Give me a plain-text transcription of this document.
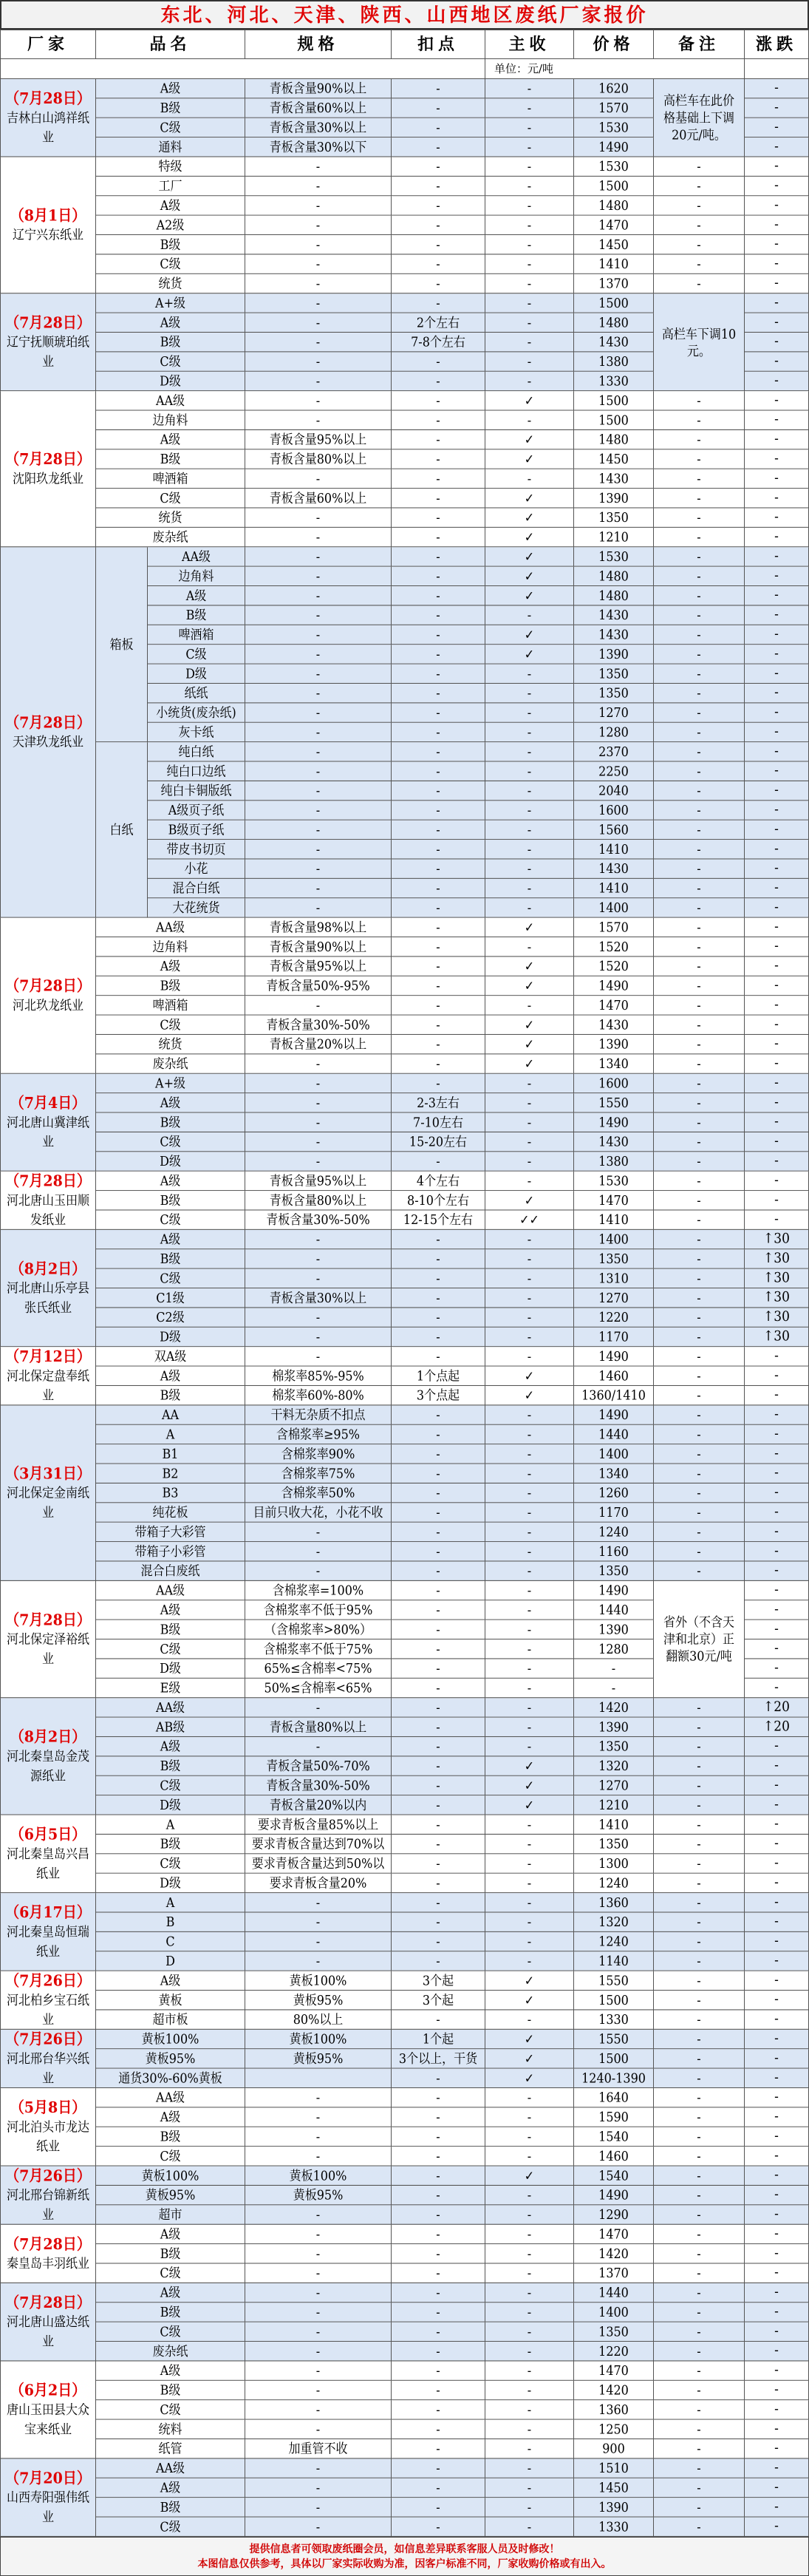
东北、河北、天津、陕西、山西地区废纸厂家报价
厂家	品名	规格	扣点	主收	价格	备注	涨跌
单位：元/吨
（7月28日）
吉林白山鸿祥纸业
A级	青板含量90%以上	-	-	1620	-
B级	青板含量60%以上	-	-	1570	-
C级	青板含量30%以上	-	-	1530	-
通料	青板含量30%以下	-	-	1490	-
高栏车在此价格基础上下调20元/吨。
（8月1日）
辽宁兴东纸业
特级	-	-	-	1530	-	-
工厂	-	-	-	1500	-	-
A级	-	-	-	1480	-	-
A2级	-	-	-	1470	-	-
B级	-	-	-	1450	-	-
C级	-	-	-	1410	-	-
统货	-	-	-	1370	-	-
（7月28日）
辽宁抚顺琥珀纸业
A+级	-	-	-	1500	-
A级	-	2个左右	-	1480	-
B级	-	7-8个左右	-	1430	-
C级	-	-	-	1380	-
D级	-	-	-	1330	-
高栏车下调10元。
（7月28日）
沈阳玖龙纸业
AA级	-	-	✓	1500	-	-
边角料	-	-	-	1500	-	-
A级	青板含量95%以上	-	✓	1480	-	-
B级	青板含量80%以上	-	✓	1450	-	-
啤酒箱	-	-	-	1430	-	-
C级	青板含量60%以上	-	✓	1390	-	-
统货	-	-	✓	1350	-	-
废杂纸	-	-	✓	1210	-	-
（7月28日）
天津玖龙纸业
箱板
AA级	-	-	✓	1530	-	-
边角料	-	-	✓	1480	-	-
A级	-	-	✓	1480	-	-
B级	-	-	-	1430	-	-
啤酒箱	-	-	✓	1430	-	-
C级	-	-	✓	1390	-	-
D级	-	-	-	1350	-	-
纸纸	-	-	-	1350	-	-
小统货(废杂纸)	-	-	-	1270	-	-
灰卡纸	-	-	-	1280	-	-
白纸
纯白纸	-	-	-	2370	-	-
纯白口边纸	-	-	-	2250	-	-
纯白卡铜版纸	-	-	-	2040	-	-
A级页子纸	-	-	-	1600	-	-
B级页子纸	-	-	-	1560	-	-
带皮书切页	-	-	-	1410	-	-
小花	-	-	-	1430	-	-
混合白纸	-	-	-	1410	-	-
大花统货	-	-	-	1400	-	-
（7月28日）
河北玖龙纸业
AA级	青板含量98%以上	-	✓	1570	-	-
边角料	青板含量90%以上	-	-	1520	-	-
A级	青板含量95%以上	-	✓	1520	-	-
B级	青板含量50%-95%	-	✓	1490	-	-
啤酒箱	-	-	-	1470	-	-
C级	青板含量30%-50%	-	✓	1430	-	-
统货	青板含量20%以上	-	✓	1390	-	-
废杂纸	-	-	✓	1340	-	-
（7月4日）
河北唐山冀津纸业
A+级	-	-	-	1600	-	-
A级	-	2-3左右	-	1550	-	-
B级	-	7-10左右	-	1490	-	-
C级	-	15-20左右	-	1430	-	-
D级	-	-	-	1380	-	-
（7月28日）
河北唐山玉田顺发纸业
A级	青板含量95%以上	4个左右	-	1530	-	-
B级	青板含量80%以上	8-10个左右	✓	1470	-	-
C级	青板含量30%-50%	12-15个左右	✓✓	1410	-	-
（8月2日）
河北唐山乐亭县张氏纸业
A级	-	-	-	1400	-	↑30
B级	-	-	-	1350	-	↑30
C级	-	-	-	1310	-	↑30
C1级	青板含量30%以上	-	-	1270	-	↑30
C2级	-	-	-	1220	-	↑30
D级	-	-	-	1170	-	↑30
（7月12日）
河北保定盘奉纸业
双A级	-	-	-	1490	-	-
A级	棉浆率85%-95%	1个点起	✓	1460	-	-
B级	棉浆率60%-80%	3个点起	✓	1360/1410	-	-
（3月31日）
河北保定金南纸业
AA	干料无杂质不扣点	-	-	1490	-	-
A	含棉浆率≥95%	-	-	1440	-	-
B1	含棉浆率90%	-	-	1400	-	-
B2	含棉浆率75%	-	-	1340	-	-
B3	含棉浆率50%	-	-	1260	-	-
纯花板	目前只收大花，小花不收	-	-	1170	-	-
带箱子大彩管	-	-	-	1240	-	-
带箱子小彩管	-	-	-	1160	-	-
混合白废纸	-	-	-	1350	-	-
（7月28日）
河北保定泽裕纸业
AA级	含棉浆率=100%	-	-	1490	-
A级	含棉浆率不低于95%	-	-	1440	-
B级	（含棉浆率>80%）	-	-	1390	-
C级	含棉浆率不低于75%	-	-	1280	-
D级	65%≤含棉率<75%	-	-	-	-
E级	50%≤含棉率<65%	-	-	-	-
省外（不含天津和北京）正翻额30元/吨
（8月2日）
河北秦皇岛金茂源纸业
AA级	-	-	-	1420	-	↑20
AB级	青板含量80%以上	-	-	1390	-	↑20
A级	-	-	-	1350	-	-
B级	青板含量50%-70%	-	✓	1320	-	-
C级	青板含量30%-50%	-	✓	1270	-	-
D级	青板含量20%以内	-	✓	1210	-	-
（6月5日）
河北秦皇岛兴昌纸业
A	要求青板含量85%以上	-	-	1410	-	-
B级	要求青板含量达到70%以	-	-	1350	-	-
C级	要求青板含量达到50%以	-	-	1300	-	-
D级	要求青板含量20%	-	-	1240	-	-
（6月17日）
河北秦皇岛恒瑞纸业
A	-	-	-	1360	-	-
B	-	-	-	1320	-	-
C	-	-	-	1240	-	-
D	-	-	-	1140	-	-
（7月26日）
河北柏乡宝石纸业
A级	黄板100%	3个起	✓	1550	-	-
黄板	黄板95%	3个起	✓	1500	-	-
超市板	80%以上	-	-	1330	-	-
（7月26日）
河北邢台华兴纸业
黄板100%	黄板100%	1个起	✓	1550	-	-
黄板95%	黄板95%	3个以上，干货	✓	1500	-	-
通货30%-60%黄板	-	✓	1240-1390	-	-
（5月8日）
河北泊头市龙达纸业
AA级	-	-	-	1640	-	-
A级	-	-	-	1590	-	-
B级	-	-	-	1540	-	-
C级	-	-	-	1460	-	-
（7月26日）
河北邢台锦新纸业
黄板100%	黄板100%	-	✓	1540	-	-
黄板95%	黄板95%	-	-	1490	-	-
超市	-	-	-	1290	-	-
（7月28日）
秦皇岛丰羽纸业
A级	-	-	-	1470	-	-
B级	-	-	-	1420	-	-
C级	-	-	-	1370	-	-
（7月28日）
河北唐山盛达纸业
A级	-	-	-	1440	-	-
B级	-	-	-	1400	-	-
C级	-	-	-	1350	-	-
废杂纸	-	-	-	1220	-	-
（6月2日）
唐山玉田县大众宝来纸业
A级	-	-	-	1470	-	-
B级	-	-	-	1420	-	-
C级	-	-	-	1360	-	-
统料	-	-	-	1250	-	-
纸管	加重管不收	-	-	900	-	-
（7月20日）
山西寿阳强伟纸业
AA级	-	-	-	1510	-	-
A级	-	-	-	1450	-	-
B级	-	-	-	1390	-	-
C级	-	-	-	1330	-	-
提供信息者可领取废纸圈会员，如信息差异联系客服人员及时修改！
本图信息仅供参考，具体以厂家实际收购为准，因客户标准不同，厂家收购价格或有出入。
